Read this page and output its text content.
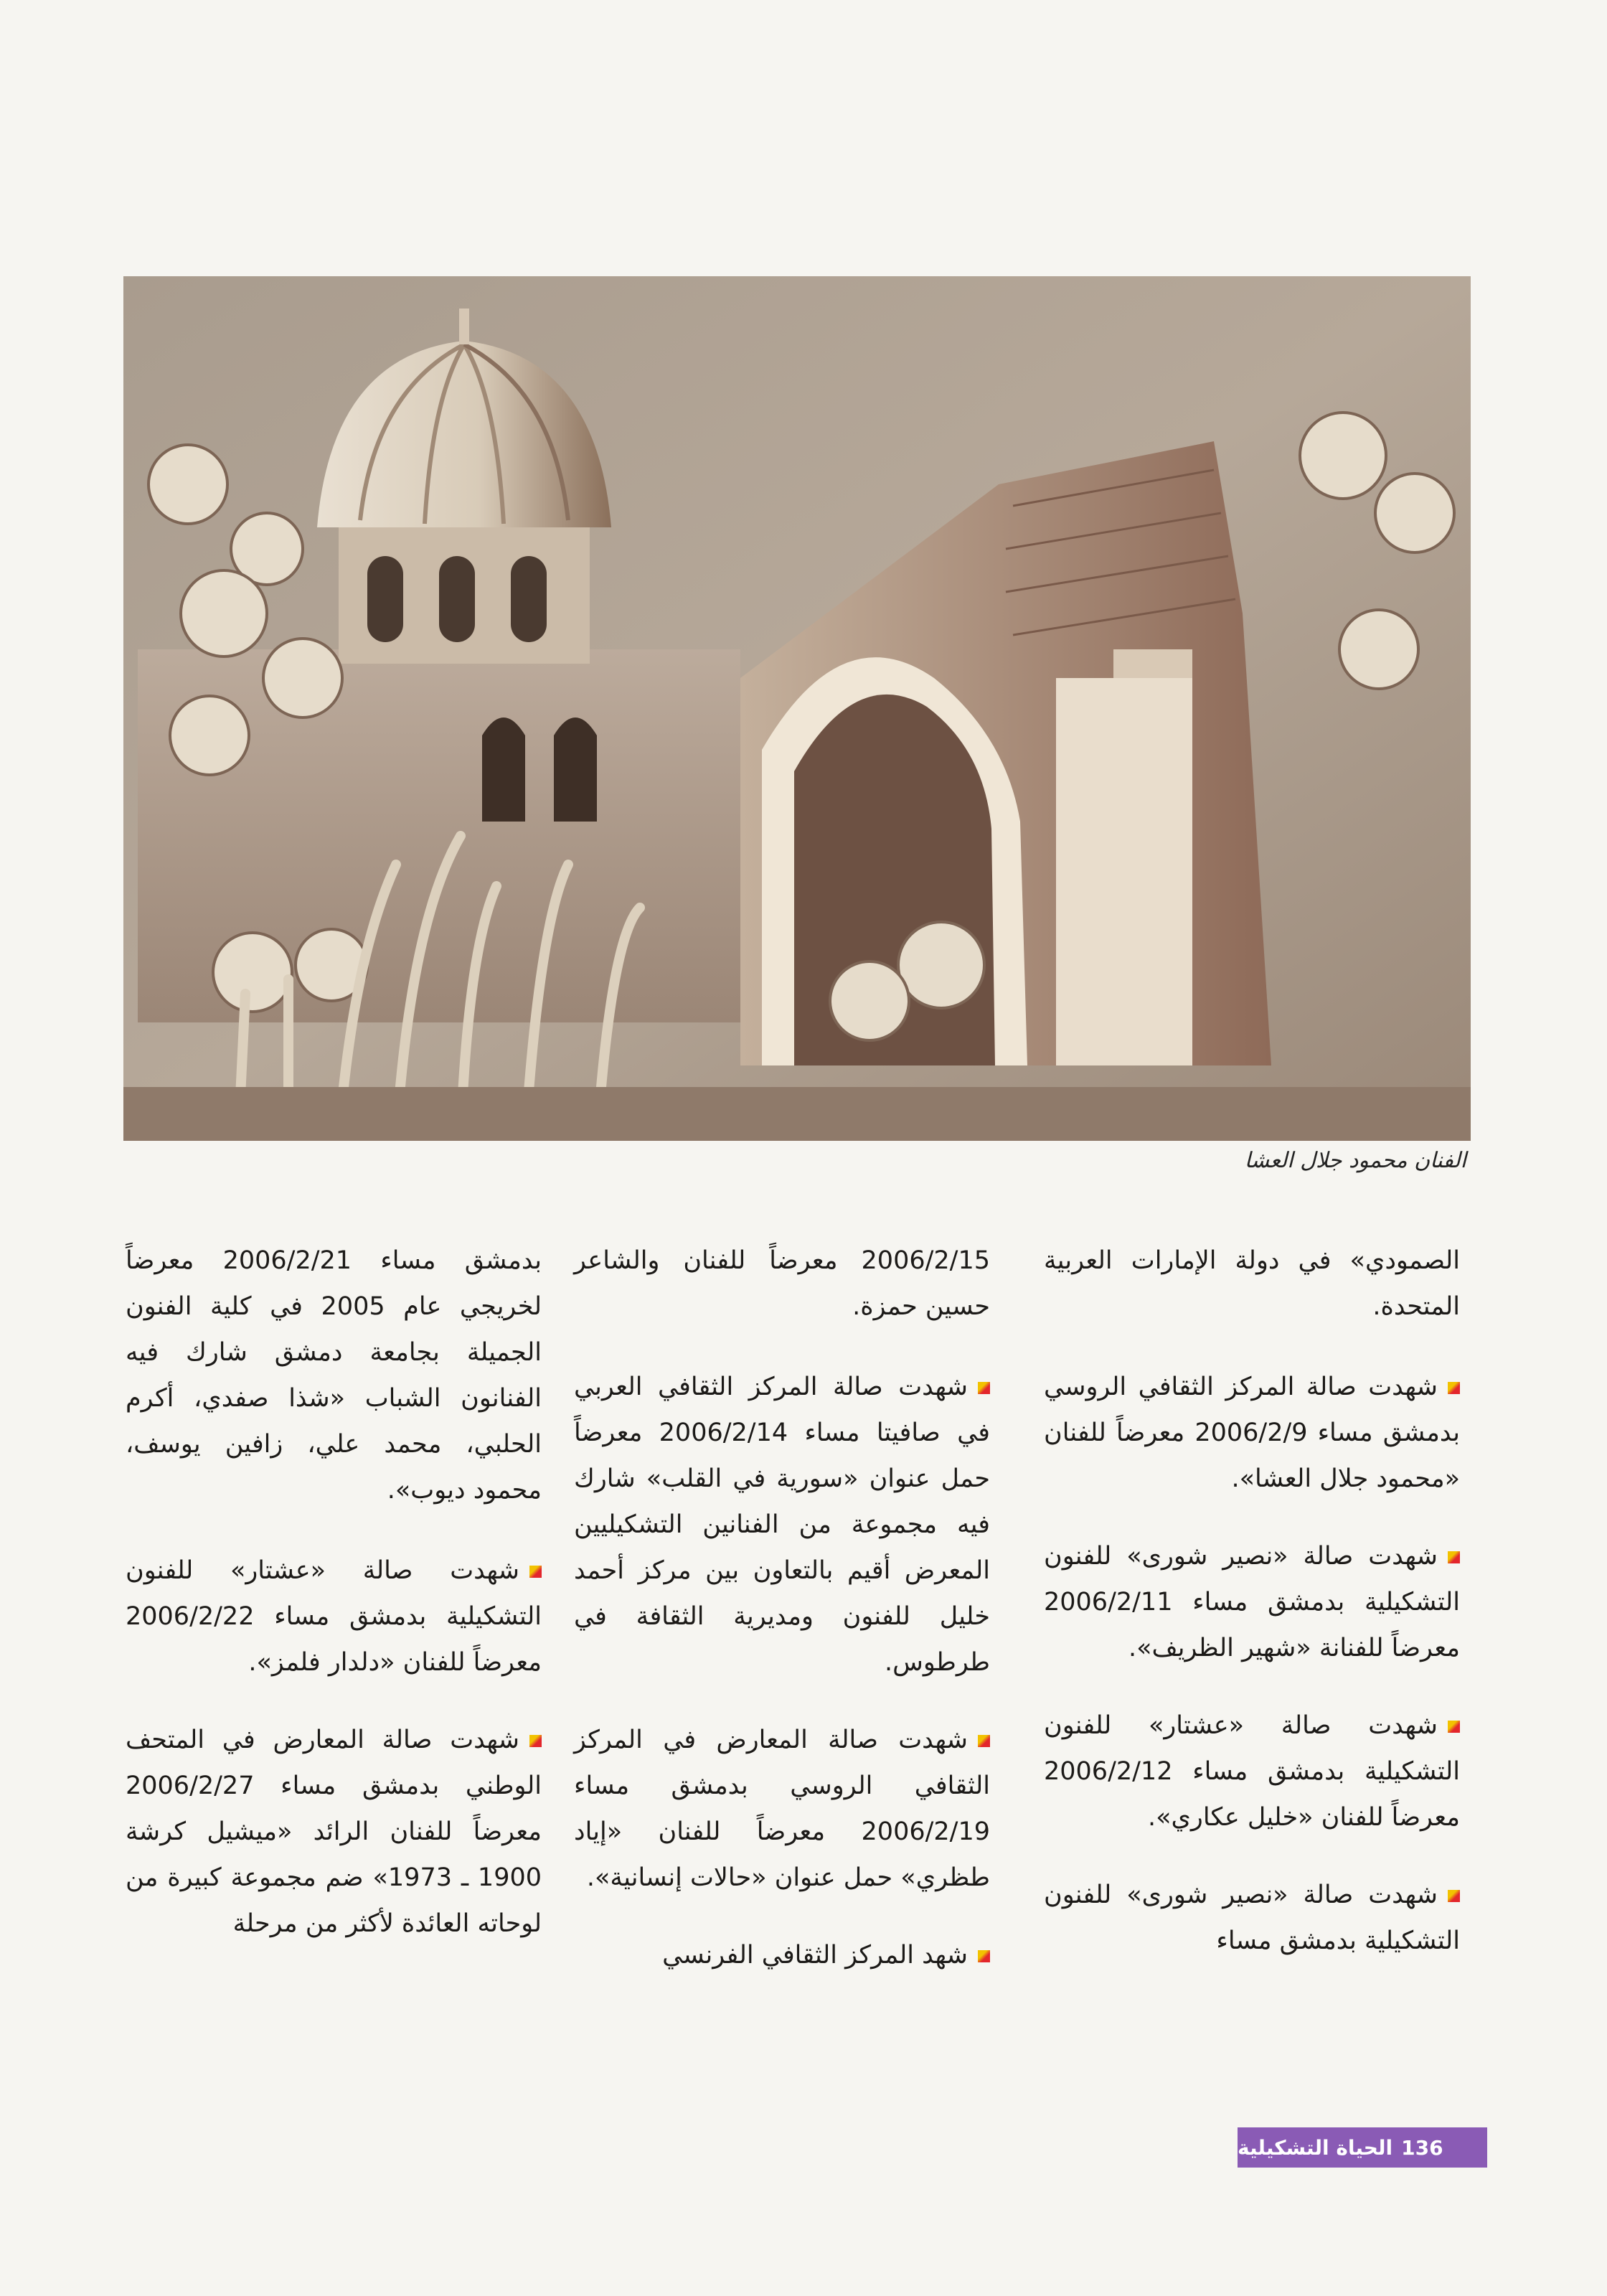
الفنان محمود جلال العشا

الصمودي» في دولة الإمارات العربية المتحدة.

شهدت صالة المركز الثقافي الروسي بدمشق مساء 2006/2/9 معرضاً للفنان «محمود جلال العشا».

شهدت صالة «نصير شورى» للفنون التشكيلية بدمشق مساء 2006/2/11 معرضاً للفنانة «شهير الظريف».

شهدت صالة «عشتار» للفنون التشكيلية بدمشق مساء 2006/2/12 معرضاً للفنان «خليل عكاري».

شهدت صالة «نصير شورى» للفنون التشكيلية بدمشق مساء

2006/2/15 معرضاً للفنان والشاعر حسين حمزة.

شهدت صالة المركز الثقافي العربي في صافيتا مساء 2006/2/14 معرضاً حمل عنوان «سورية في القلب» شارك فيه مجموعة من الفنانين التشكيليين المعرض أقيم بالتعاون بين مركز أحمد خليل للفنون ومديرية الثقافة في طرطوس.

شهدت صالة المعارض في المركز الثقافي الروسي بدمشق مساء 2006/2/19 معرضاً للفنان «إياد طظري» حمل عنوان «حالات إنسانية».

شهد المركز الثقافي الفرنسي

بدمشق مساء 2006/2/21 معرضاً لخريجي عام 2005 في كلية الفنون الجميلة بجامعة دمشق شارك فيه الفنانون الشباب «شذا صفدي، أكرم الحلبي، محمد علي، زافين يوسف، محمود ديوب».

شهدت صالة «عشتار» للفنون التشكيلية بدمشق مساء 2006/2/22 معرضاً للفنان «دلدار فلمز».

شهدت صالة المعارض في المتحف الوطني بدمشق مساء 2006/2/27 معرضاً للفنان الرائد «ميشيل كرشة 1900 ـ 1973» ضم مجموعة كبيرة من لوحاته العائدة لأكثر من مرحلة

136
الحياة التشكيلية
